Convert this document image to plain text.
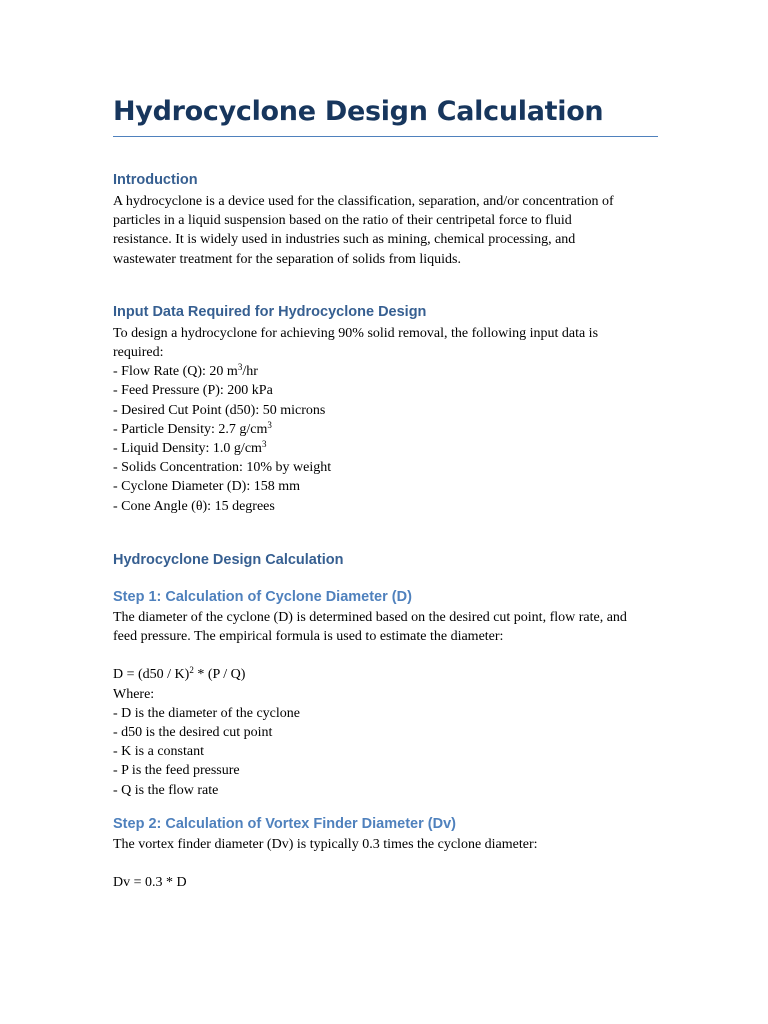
Hydrocyclone Design Calculation
Introduction

A hydrocyclone is a device used for the classification, separation, and/or concentration of
particles in a liquid suspension based on the ratio of their centripetal force to fluid
resistance. It is widely used in industries such as mining, chemical processing, and
wastewater treatment for the separation of solids from liquids.

Input Data Required for Hydrocyclone Design

To design a hydrocyclone for achieving 90% solid removal, the following input data is
required:
- Flow Rate (Q): 20 $m^3/hr$
- Feed Pressure (P): 200 kPa
- Desired Cut Point (d50): 50 microns
- Particle Density: 2.7 $g/cm^3$
- Liquid Density: 1.0 $g/cm^3$
- Solids Concentration: 10% by weight
- Cyclone Diameter (D): 158 mm
- Cone Angle (θ): 15 degrees

Hydrocyclone Design Calculation
Step 1: Calculation of Cyclone Diameter (D)

The diameter of the cyclone (D) is determined based on the desired cut point, flow rate, and
feed pressure. The empirical formula is used to estimate the diameter:
D = (d50 / K)$^2$ * (P / Q)
Where:
- D is the diameter of the cyclone
- d50 is the desired cut point
- K is a constant
- P is the feed pressure
- Q is the flow rate

Step 2: Calculation of Vortex Finder Diameter (Dv)

The vortex finder diameter (Dv) is typically 0.3 times the cyclone diameter:
Dv = 0.3 * D
